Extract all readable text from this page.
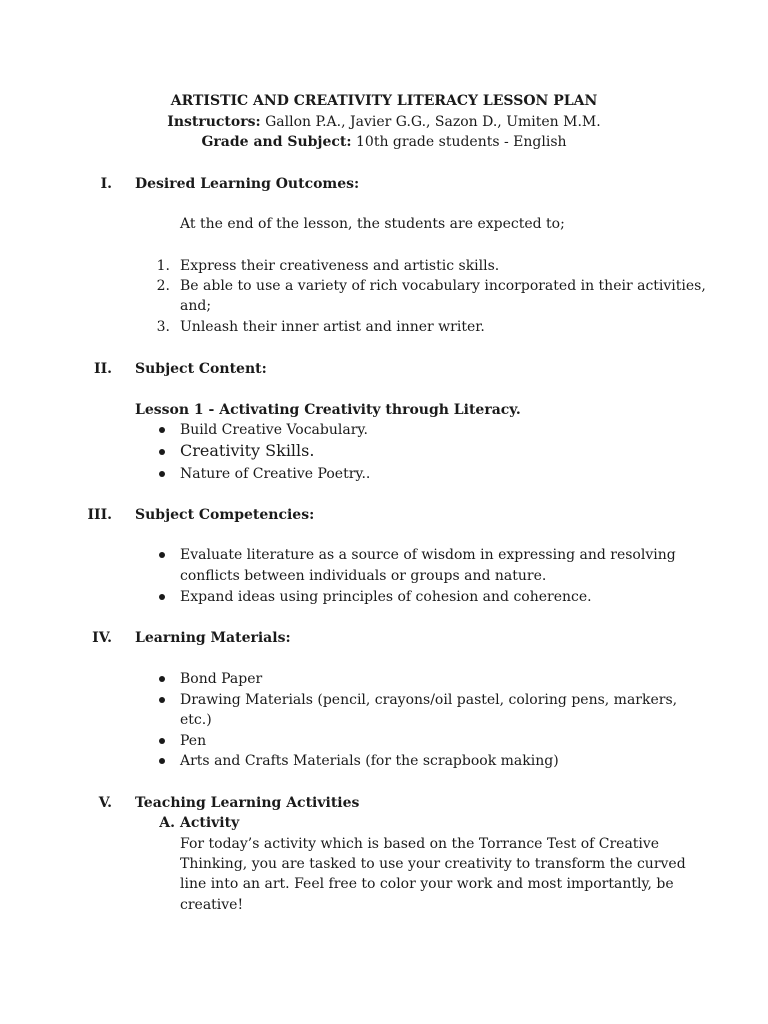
ARTISTIC AND CREATIVITY LITERACY LESSON PLAN
Instructors: Gallon P.A., Javier G.G., Sazon D., Umiten M.M.
Grade and Subject: 10th grade students - English
I. Desired Learning Outcomes:
At the end of the lesson, the students are expected to;
1. Express their creativeness and artistic skills.
2. Be able to use a variety of rich vocabulary incorporated in their activities,
and;
3. Unleash their inner artist and inner writer.
II. Subject Content:
Lesson 1 - Activating Creativity through Literacy.
Build Creative Vocabulary.
Creativity Skills.
Nature of Creative Poetry..
III. Subject Competencies:
Evaluate literature as a source of wisdom in expressing and resolving
conflicts between individuals or groups and nature.
Expand ideas using principles of cohesion and coherence.
IV. Learning Materials:
Bond Paper
Drawing Materials (pencil, crayons/oil pastel, coloring pens, markers,
etc.)
Pen
Arts and Crafts Materials (for the scrapbook making)
V. Teaching Learning Activities
A. Activity
For today’s activity which is based on the Torrance Test of Creative
Thinking, you are tasked to use your creativity to transform the curved
line into an art. Feel free to color your work and most importantly, be
creative!
